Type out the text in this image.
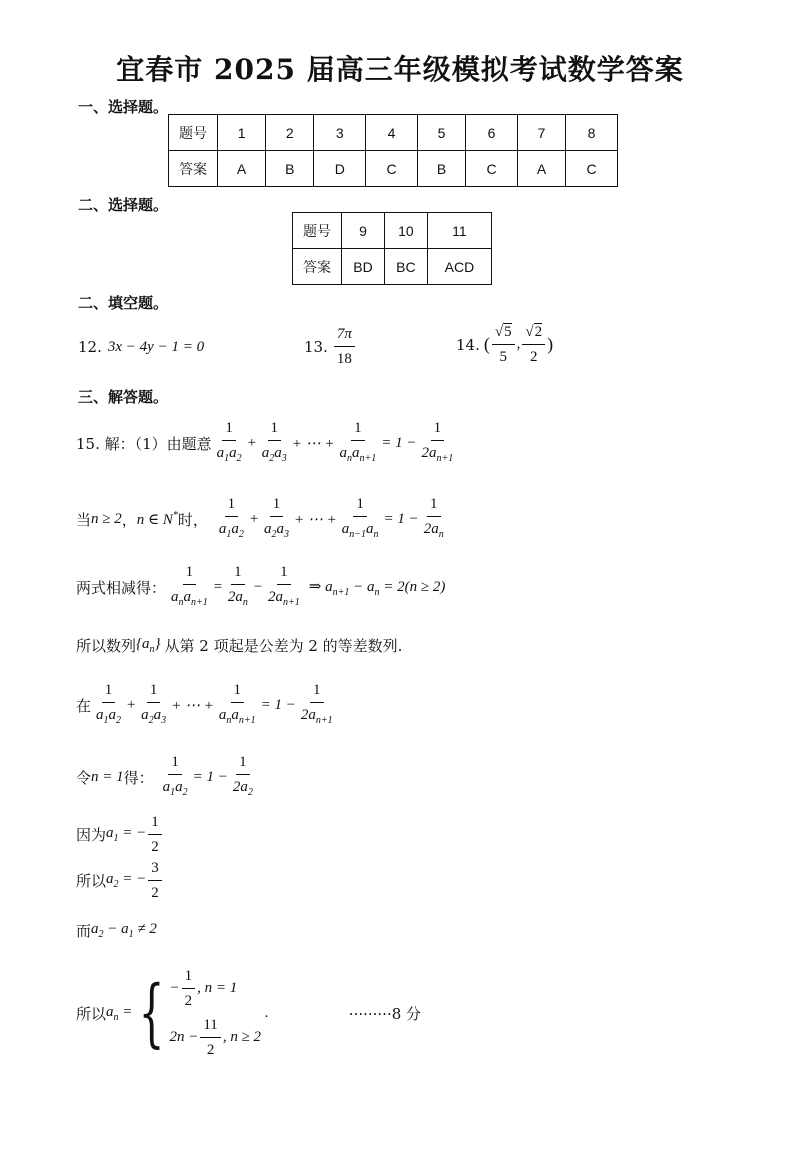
宜春市 2025 届高三年级模拟考试数学答案
一、选择题。
题号	1	2	3	4	5	6	7	8
答案	A	B	D	C	B	C	A	C
二、选择题。
题号	9	10	11
答案	BD	BC	ACD
二、填空题。
12. 3x − 4y − 1 = 0	13. $\frac{7\pi}{18}$	14. ( $\frac{√5}{5}$ , $\frac{√2}{2}$ )
三、解答题。
15. 解：（1）由题意 $\frac{1}{a_1a_2} + \frac{1}{a_2a_3}$ + ⋯ + $\frac{1}{a_na_{n+1}} = 1 - \frac{1}{2a_{n+1}}$
当 n ≥ 2 ， n ∈ N* 时， $\frac{1}{a_1a_2} + \frac{1}{a_2a_3}$ + ⋯ + $\frac{1}{a_{n-1}a_n} = 1 - \frac{1}{2a_n}$
两式相减得： $\frac{1}{a_na_{n+1}} = \frac{1}{2a_n} - \frac{1}{2a_{n+1}}$ ⇒ $a_{n+1} - a_n = 2(n \ge 2)$
所以数列 $\{a_n\}$ 从第 2 项起是公差为 2 的等差数列.
在 $\frac{1}{a_1a_2} + \frac{1}{a_2a_3}$ + ⋯ + $\frac{1}{a_na_{n+1}} = 1 - \frac{1}{2a_{n+1}}$
令 n = 1 得： $\frac{1}{a_1a_2} = 1 - \frac{1}{2a_2}$
因为 $a_1$ = − $\frac{1}{2}$
所以 $a_2$ = − $\frac{3}{2}$
而 $a_2 - a_1 \ne 2$
所以 $a_n$ = { − $\frac{1}{2}$ , n = 1
$2n - \frac{11}{2}$ , n ≥ 2
.	·········8 分
